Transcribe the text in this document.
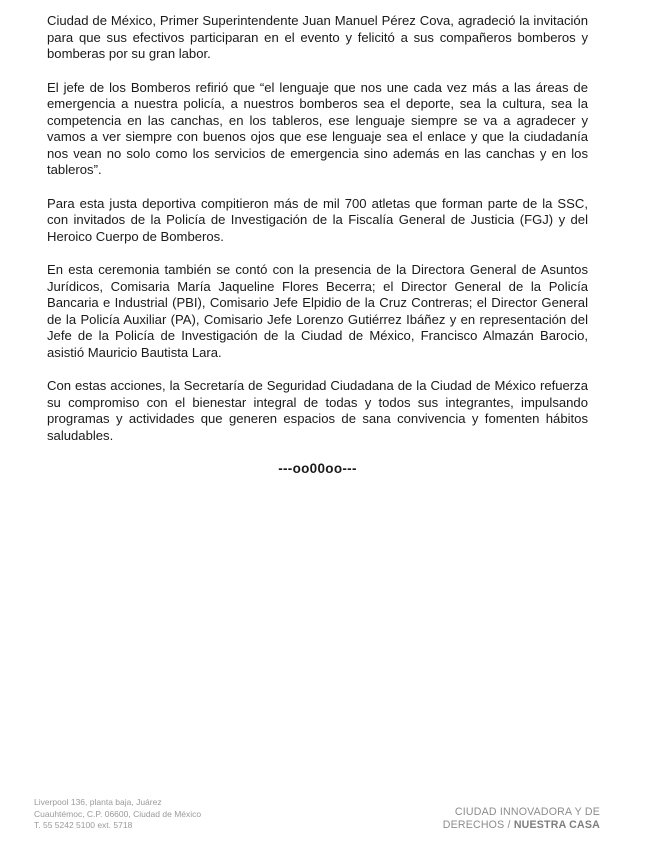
Ciudad de México, Primer Superintendente Juan Manuel Pérez Cova, agradeció la invitación para que sus efectivos participaran en el evento y felicitó a sus compañeros bomberos y bomberas por su gran labor.

El jefe de los Bomberos refirió que “el lenguaje que nos une cada vez más a las áreas de emergencia a nuestra policía, a nuestros bomberos sea el deporte, sea la cultura, sea la competencia en las canchas, en los tableros, ese lenguaje siempre se va a agradecer y vamos a ver siempre con buenos ojos que ese lenguaje sea el enlace y que la ciudadanía nos vean no solo como los servicios de emergencia sino además en las canchas y en los tableros”.

Para esta justa deportiva compitieron más de mil 700 atletas que forman parte de la SSC, con invitados de la Policía de Investigación de la Fiscalía General de Justicia (FGJ) y del Heroico Cuerpo de Bomberos.

En esta ceremonia también se contó con la presencia de la Directora General de Asuntos Jurídicos, Comisaria María Jaqueline Flores Becerra; el Director General de la Policía Bancaria e Industrial (PBI), Comisario Jefe Elpidio de la Cruz Contreras; el Director General de la Policía Auxiliar (PA), Comisario Jefe Lorenzo Gutiérrez Ibáñez y en representación del Jefe de la Policía de Investigación de la Ciudad de México, Francisco Almazán Barocio, asistió Mauricio Bautista Lara.

Con estas acciones, la Secretaría de Seguridad Ciudadana de la Ciudad de México refuerza su compromiso con el bienestar integral de todas y todos sus integrantes, impulsando programas y actividades que generen espacios de sana convivencia y fomenten hábitos saludables.

---oo00oo---
Liverpool 136, planta baja, Juárez
Cuauhtémoc, C.P. 06600, Ciudad de México
T. 55 5242 5100 ext. 5718
CIUDAD INNOVADORA Y DE
DERECHOS / NUESTRA CASA
